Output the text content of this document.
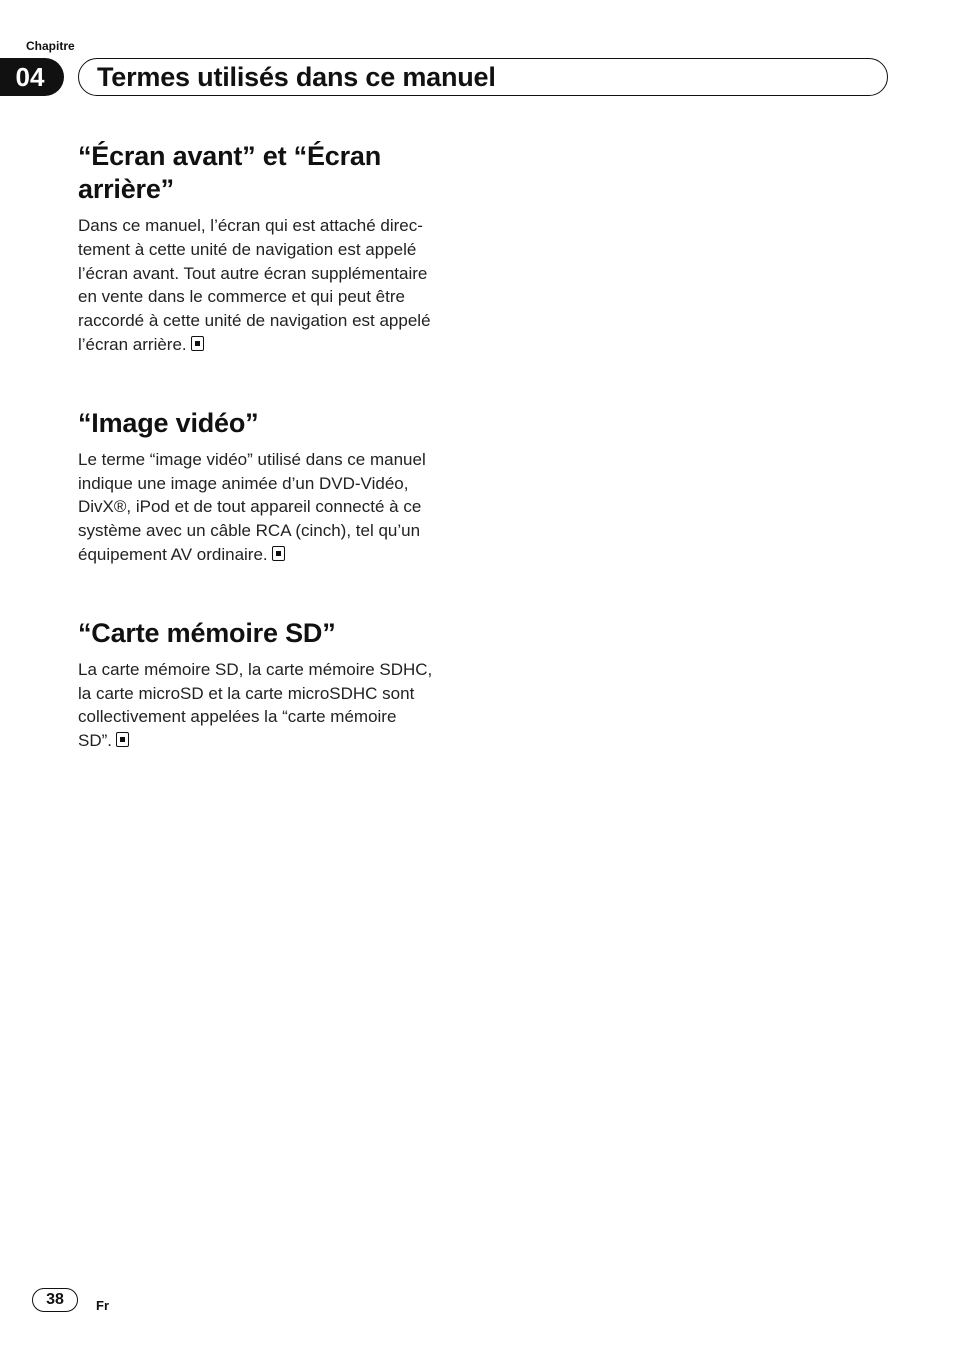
Chapitre
04	Termes utilisés dans ce manuel
“Écran avant” et “Écran arrière”

Dans ce manuel, l’écran qui est attaché direc-
tement à cette unité de navigation est appelé
l’écran avant. Tout autre écran supplémentaire
en vente dans le commerce et qui peut être
raccordé à cette unité de navigation est appelé
l’écran arrière.

“Image vidéo”

Le terme “image vidéo” utilisé dans ce manuel
indique une image animée d’un DVD-Vidéo,
DivX®, iPod et de tout appareil connecté à ce
système avec un câble RCA (cinch), tel qu’un
équipement AV ordinaire.

“Carte mémoire SD”

La carte mémoire SD, la carte mémoire SDHC,
la carte microSD et la carte microSDHC sont
collectivement appelées la “carte mémoire
SD”.

38	Fr
